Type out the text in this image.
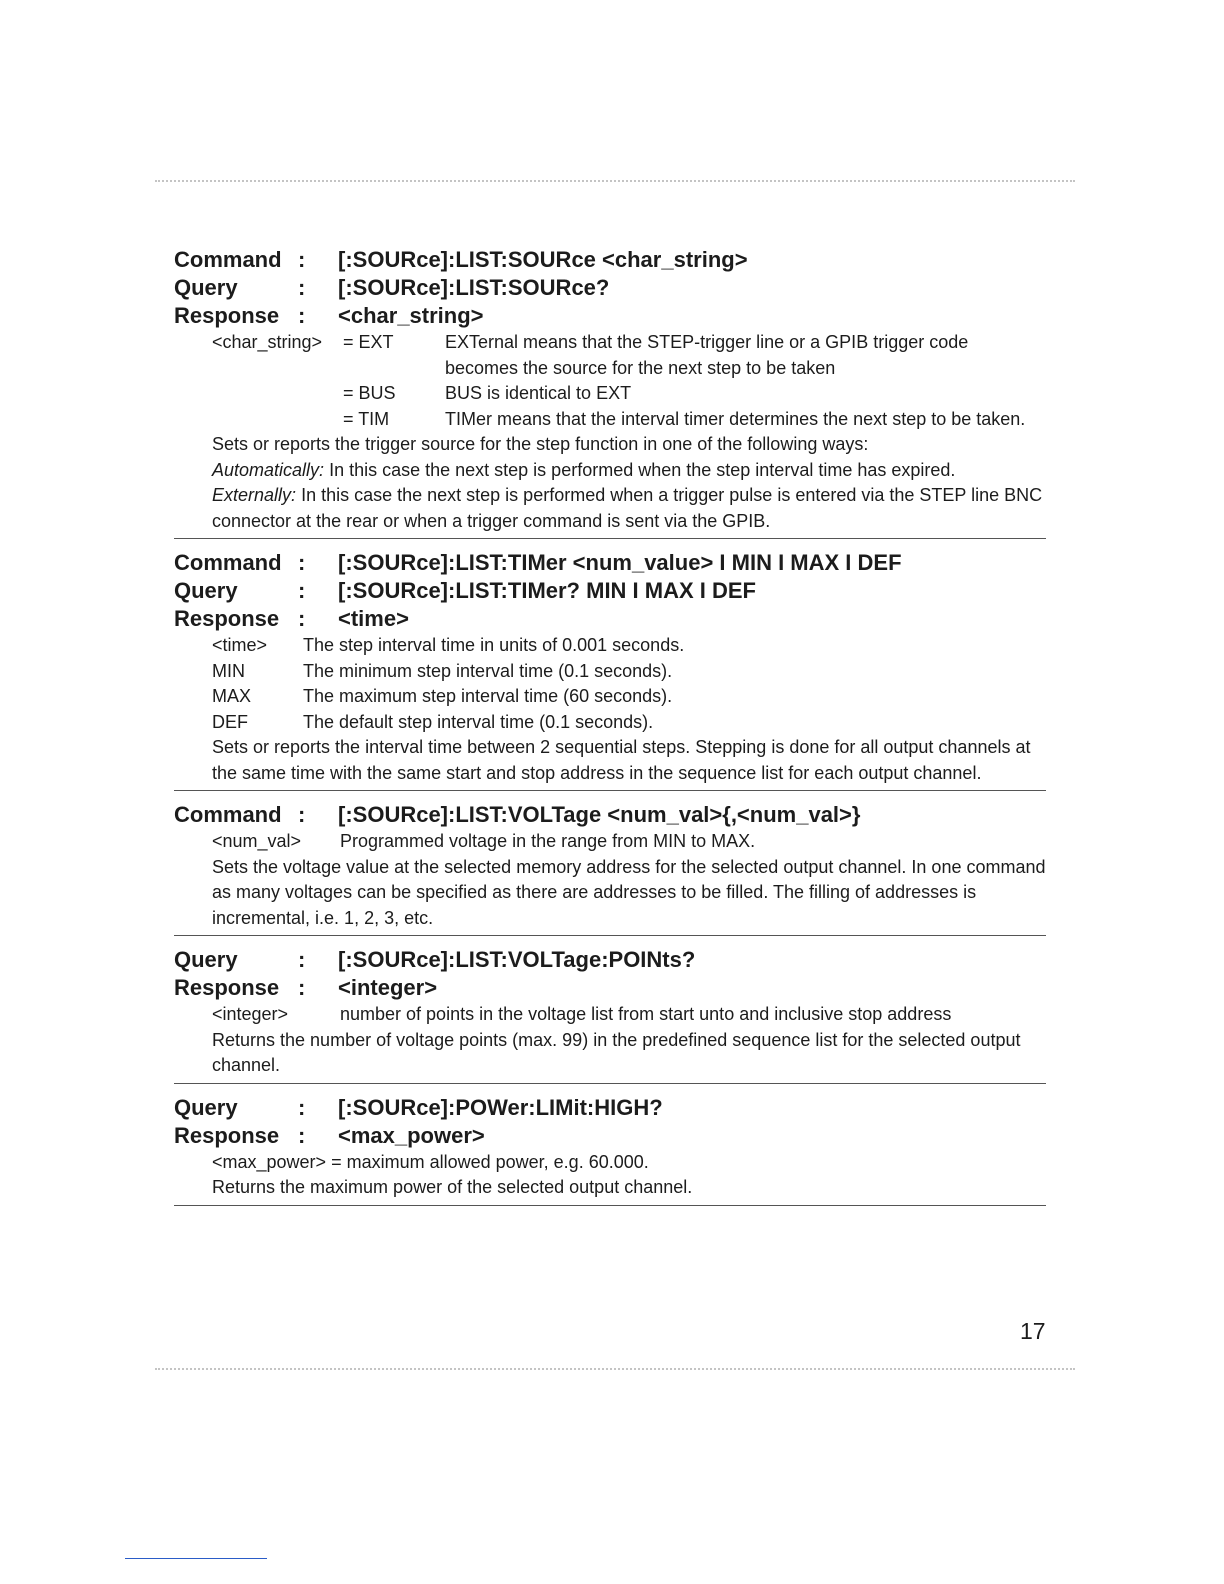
Command :	[:SOURce]:LIST:SOURce <char_string>
Query	:	[:SOURce]:LIST:SOURce?
Response :	<char_string>
<char_string>	= EXT	EXTernal means that the STEP-trigger line or a GPIB trigger code becomes the source for the next step to be taken
= BUS	BUS is identical to EXT
= TIM	TIMer means that the interval timer determines the next step to be taken.

Sets or reports the trigger source for the step function in one of the following ways:

Automatically: In this case the next step is performed when the step interval time has expired.

Externally: In this case the next step is performed when a trigger pulse is entered via the STEP line BNC connector at the rear or when a trigger command is sent via the GPIB.

Command :	[:SOURce]:LIST:TIMer <num_value> I MIN I MAX I DEF
Query	:	[:SOURce]:LIST:TIMer? MIN I MAX I DEF
Response :	<time>
<time>	The step interval time in units of 0.001 seconds.
MIN	The minimum step interval time (0.1 seconds).
MAX	The maximum step interval time (60 seconds).
DEF	The default step interval time (0.1 seconds).

Sets or reports the interval time between 2 sequential steps. Stepping is done for all output channels at the same time with the same start and stop address in the sequence list for each output channel.

Command :	[:SOURce]:LIST:VOLTage <num_val>{,<num_val>}
<num_val>	Programmed voltage in the range from MIN to MAX.

Sets the voltage value at the selected memory address for the selected output channel. In one command as many voltages can be specified as there are addresses to be filled. The filling of addresses is incremental, i.e. 1, 2, 3, etc.

Query	:	[:SOURce]:LIST:VOLTage:POINts?
Response :	<integer>
<integer>	number of points in the voltage list from start unto and inclusive stop address

Returns the number of voltage points (max. 99) in the predefined sequence list for the selected output channel.

Query	:	[:SOURce]:POWer:LIMit:HIGH?
Response :	<max_power>
<max_power> = maximum allowed power, e.g. 60.000.

Returns the maximum power of the selected output channel.

17
